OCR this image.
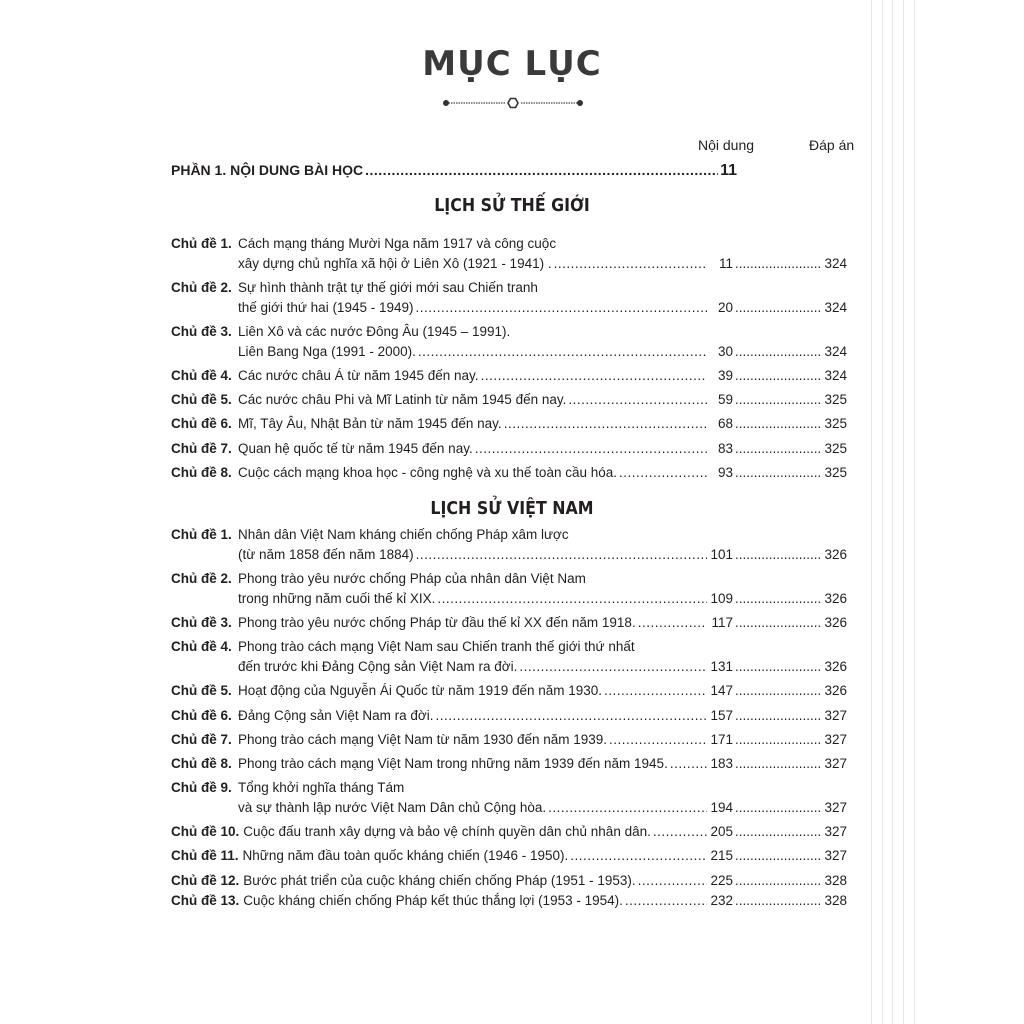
MỤC LỤC
Nội dung	Đáp án
PHẦN 1. NỘI DUNG BÀI HỌC .....	11
LỊCH SỬ THẾ GIỚI
Chủ đề 1. Cách mạng tháng Mười Nga năm 1917 và công cuộc
xây dựng chủ nghĩa xã hội ở Liên Xô (1921 - 1941) . .....	11 .....	324
Chủ đề 2. Sự hình thành trật tự thế giới mới sau Chiến tranh
thế giới thứ hai (1945 - 1949) .....	20 .....	324
Chủ đề 3. Liên Xô và các nước Đông Âu (1945 – 1991).
Liên Bang Nga (1991 - 2000). .....	30 .....	324
Chủ đề 4. Các nước châu Á từ năm 1945 đến nay. .....	39 .....	324
Chủ đề 5. Các nước châu Phi và Mĩ Latinh từ năm 1945 đến nay. .....	59 .....	325
Chủ đề 6. Mĩ, Tây Âu, Nhật Bản từ năm 1945 đến nay. .....	68 .....	325
Chủ đề 7. Quan hệ quốc tế từ năm 1945 đến nay. .....	83 .....	325
Chủ đề 8. Cuộc cách mạng khoa học - công nghệ và xu thế toàn cầu hóa. .....	93 .....	325
LỊCH SỬ VIỆT NAM
Chủ đề 1. Nhân dân Việt Nam kháng chiến chống Pháp xâm lược
(từ năm 1858 đến năm 1884) .....	101 .....	326
Chủ đề 2. Phong trào yêu nước chống Pháp của nhân dân Việt Nam
trong những năm cuối thế kỉ XIX. .....	109 .....	326
Chủ đề 3. Phong trào yêu nước chống Pháp từ đầu thế kỉ XX đến năm 1918. .....	117 .....	326
Chủ đề 4. Phong trào cách mạng Việt Nam sau Chiến tranh thế giới thứ nhất
đến trước khi Đảng Cộng sản Việt Nam ra đời. .....	131 .....	326
Chủ đề 5. Hoạt động của Nguyễn Ái Quốc từ năm 1919 đến năm 1930. .....	147 .....	326
Chủ đề 6. Đảng Cộng sản Việt Nam ra đời. .....	157 .....	327
Chủ đề 7. Phong trào cách mạng Việt Nam từ năm 1930 đến năm 1939. .....	171 .....	327
Chủ đề 8. Phong trào cách mạng Việt Nam trong những năm 1939 đến năm 1945. .....	183 .....	327
Chủ đề 9. Tổng khởi nghĩa tháng Tám
và sự thành lập nước Việt Nam Dân chủ Cộng hòa. .....	194 .....	327
Chủ đề 10. Cuộc đấu tranh xây dựng và bảo vệ chính quyền dân chủ nhân dân. .....	205 .....	327
Chủ đề 11. Những năm đầu toàn quốc kháng chiến (1946 - 1950). .....	215 .....	327
Chủ đề 12. Bước phát triển của cuộc kháng chiến chống Pháp (1951 - 1953). .....	225 .....	328
Chủ đề 13. Cuộc kháng chiến chống Pháp kết thúc thắng lợi (1953 - 1954). .....	232 .....	328
